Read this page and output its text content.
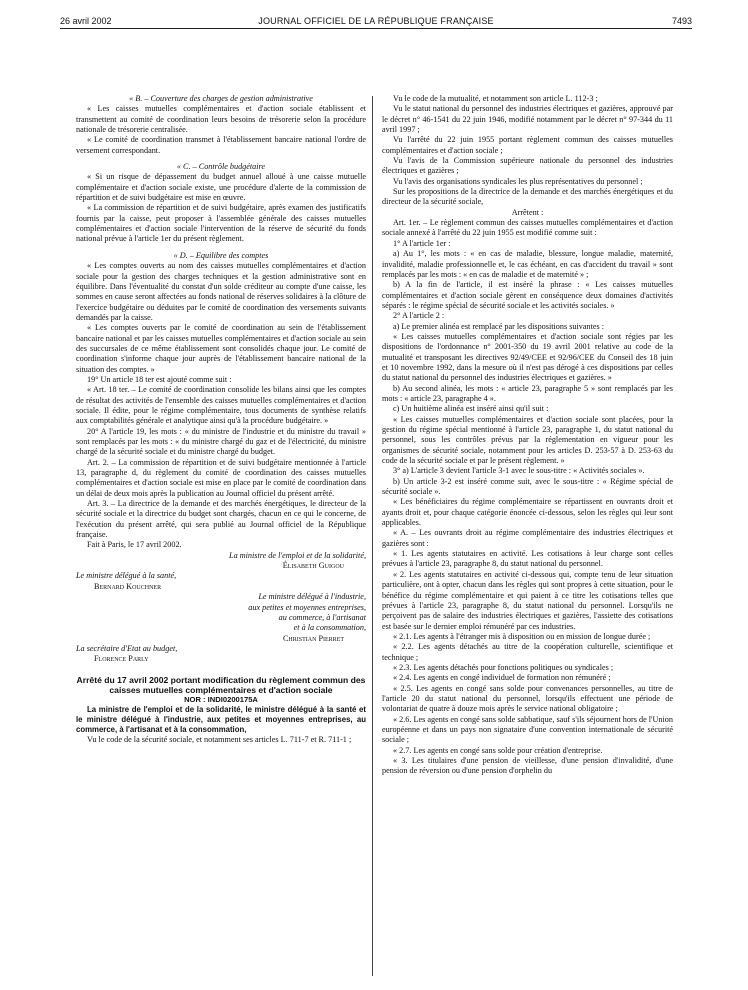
26 avril 2002	JOURNAL OFFICIEL DE LA RÉPUBLIQUE FRANÇAISE	7493

« B. – Couverture des charges de gestion administrative

« Les caisses mutuelles complémentaires et d'action sociale établissent et transmettent au comité de coordination leurs besoins de trésorerie selon la procédure nationale de trésorerie centralisée.

« Le comité de coordination transmet à l'établissement bancaire national l'ordre de versement correspondant.

« C. – Contrôle budgétaire

« Si un risque de dépassement du budget annuel alloué à une caisse mutuelle complémentaire et d'action sociale existe, une procédure d'alerte de la commission de répartition et de suivi budgétaire est mise en œuvre.

« La commission de répartition et de suivi budgétaire, après examen des justificatifs fournis par la caisse, peut proposer à l'assemblée générale des caisses mutuelles complémentaires et d'action sociale l'intervention de la réserve de sécurité du fonds national prévue à l'article 1er du présent règlement.

« D. – Equilibre des comptes

« Les comptes ouverts au nom des caisses mutuelles complémentaires et d'action sociale pour la gestion des charges techniques et la gestion administrative sont en équilibre. Dans l'éventualité du constat d'un solde créditeur au compte d'une caisse, les sommes en cause seront affectées au fonds national de réserves solidaires à la clôture de l'exercice budgétaire ou déduites par le comité de coordination des versements suivants demandés par la caisse.

« Les comptes ouverts par le comité de coordination au sein de l'établissement bancaire national et par les caisses mutuelles complémentaires et d'action sociale au sein des succursales de ce même établissement sont consolidés chaque jour. Le comité de coordination s'informe chaque jour auprès de l'établissement bancaire national de la situation des comptes. »

19° Un article 18 ter est ajouté comme suit :

« Art. 18 ter. – Le comité de coordination consolide les bilans ainsi que les comptes de résultat des activités de l'ensemble des caisses mutuelles complémentaires et d'action sociale. Il édite, pour le régime complémentaire, tous documents de synthèse relatifs aux comptabilités générale et analytique ainsi qu'à la procédure budgétaire. »

20° A l'article 19, les mots : « du ministre de l'industrie et du ministre du travail » sont remplacés par les mots : « du ministre chargé du gaz et de l'électricité, du ministre chargé de la sécurité sociale et du ministre chargé du budget.

Art. 2. – La commission de répartition et de suivi budgétaire mentionnée à l'article 13, paragraphe d, du règlement du comité de coordination des caisses mutuelles complémentaires et d'action sociale est mise en place par le comité de coordination dans un délai de deux mois après la publication au Journal officiel du présent arrêté.

Art. 3. – La directrice de la demande et des marchés énergétiques, le directeur de la sécurité sociale et la directrice du budget sont chargés, chacun en ce qui le concerne, de l'exécution du présent arrêté, qui sera publié au Journal officiel de la République française.

Fait à Paris, le 17 avril 2002.

La ministre de l'emploi et de la solidarité,

Élisabeth Guigou

Le ministre délégué à la santé,

Bernard Kouchner

Le ministre délégué à l'industrie,

aux petites et moyennes entreprises,

au commerce, à l'artisanat

et à la consommation,

Christian Pierret

La secrétaire d'Etat au budget,

Florence Parly

Arrêté du 17 avril 2002 portant modification du règlement commun des caisses mutuelles complémentaires et d'action sociale

NOR : INDI0200175A

La ministre de l'emploi et de la solidarité, le ministre délégué à la santé et le ministre délégué à l'industrie, aux petites et moyennes entreprises, au commerce, à l'artisanat et à la consommation,

Vu le code de la sécurité sociale, et notamment ses articles L. 711-7 et R. 711-1 ;

Vu le code de la mutualité, et notamment son article L. 112-3 ;

Vu le statut national du personnel des industries électriques et gazières, approuvé par le décret n° 46-1541 du 22 juin 1946, modifié notamment par le décret n° 97-344 du 11 avril 1997 ;

Vu l'arrêté du 22 juin 1955 portant règlement commun des caisses mutuelles complémentaires et d'action sociale ;

Vu l'avis de la Commission supérieure nationale du personnel des industries électriques et gazières ;

Vu l'avis des organisations syndicales les plus représentatives du personnel ;

Sur les propositions de la directrice de la demande et des marchés énergétiques et du directeur de la sécurité sociale,

Arrêtent :

Art. 1er. – Le règlement commun des caisses mutuelles complémentaires et d'action sociale annexé à l'arrêté du 22 juin 1955 est modifié comme suit :

1° A l'article 1er :

a) Au 1°, les mots : « en cas de maladie, blessure, longue maladie, maternité, invalidité, maladie professionnelle et, le cas échéant, en cas d'accident du travail » sont remplacés par les mots : « en cas de maladie et de maternité » ;

b) A la fin de l'article, il est inséré la phrase : « Les caisses mutuelles complémentaires et d'action sociale gèrent en conséquence deux domaines d'activités séparés : le régime spécial de sécurité sociale et les activités sociales. »

2° A l'article 2 :

a) Le premier alinéa est remplacé par les dispositions suivantes :

« Les caisses mutuelles complémentaires et d'action sociale sont régies par les dispositions de l'ordonnance n° 2001-350 du 19 avril 2001 relative au code de la mutualité et transposant les directives 92/49/CEE et 92/96/CEE du Conseil des 18 juin et 10 novembre 1992, dans la mesure où il n'est pas dérogé à ces dispositions par celles du statut national du personnel des industries électriques et gazières. »

b) Au second alinéa, les mots : « article 23, paragraphe 5 » sont remplacés par les mots : « article 23, paragraphe 4 ».

c) Un huitième alinéa est inséré ainsi qu'il suit :

« Les caisses mutuelles complémentaires et d'action sociale sont placées, pour la gestion du régime spécial mentionné à l'article 23, paragraphe 1, du statut national du personnel, sous les contrôles prévus par la réglementation en vigueur pour les organismes de sécurité sociale, notamment pour les articles D. 253-57 à D. 253-63 du code de la sécurité sociale et par le présent règlement. »

3° a) L'article 3 devient l'article 3-1 avec le sous-titre : « Activités sociales ».

b) Un article 3-2 est inséré comme suit, avec le sous-titre : « Régime spécial de sécurité sociale ».

« Les bénéficiaires du régime complémentaire se répartissent en ouvrants droit et ayants droit et, pour chaque catégorie énoncée ci-dessous, selon les règles qui leur sont applicables.

« A. – Les ouvrants droit au régime complémentaire des industries électriques et gazières sont :

« 1. Les agents statutaires en activité. Les cotisations à leur charge sont celles prévues à l'article 23, paragraphe 8, du statut national du personnel.

« 2. Les agents statutaires en activité ci-dessous qui, compte tenu de leur situation particulière, ont à opter, chacun dans les règles qui sont propres à cette situation, pour le bénéfice du régime complémentaire et qui paient à ce titre les cotisations telles que prévues à l'article 23, paragraphe 8, du statut national du personnel. Lorsqu'ils ne perçoivent pas de salaire des industries électriques et gazières, l'assiette des cotisations est basée sur le dernier emploi rémunéré par ces industries.

« 2.1. Les agents à l'étranger mis à disposition ou en mission de longue durée ;

« 2.2. Les agents détachés au titre de la coopération culturelle, scientifique et technique ;

« 2.3. Les agents détachés pour fonctions politiques ou syndicales ;

« 2.4. Les agents en congé individuel de formation non rémunéré ;

« 2.5. Les agents en congé sans solde pour convenances personnelles, au titre de l'article 20 du statut national du personnel, lorsqu'ils effectuent une période de volontariat de quatre à douze mois après le service national obligatoire ;

« 2.6. Les agents en congé sans solde sabbatique, sauf s'ils séjournent hors de l'Union européenne et dans un pays non signataire d'une convention internationale de sécurité sociale ;

« 2.7. Les agents en congé sans solde pour création d'entreprise.

« 3. Les titulaires d'une pension de vieillesse, d'une pension d'invalidité, d'une pension de réversion ou d'une pension d'orphelin du
